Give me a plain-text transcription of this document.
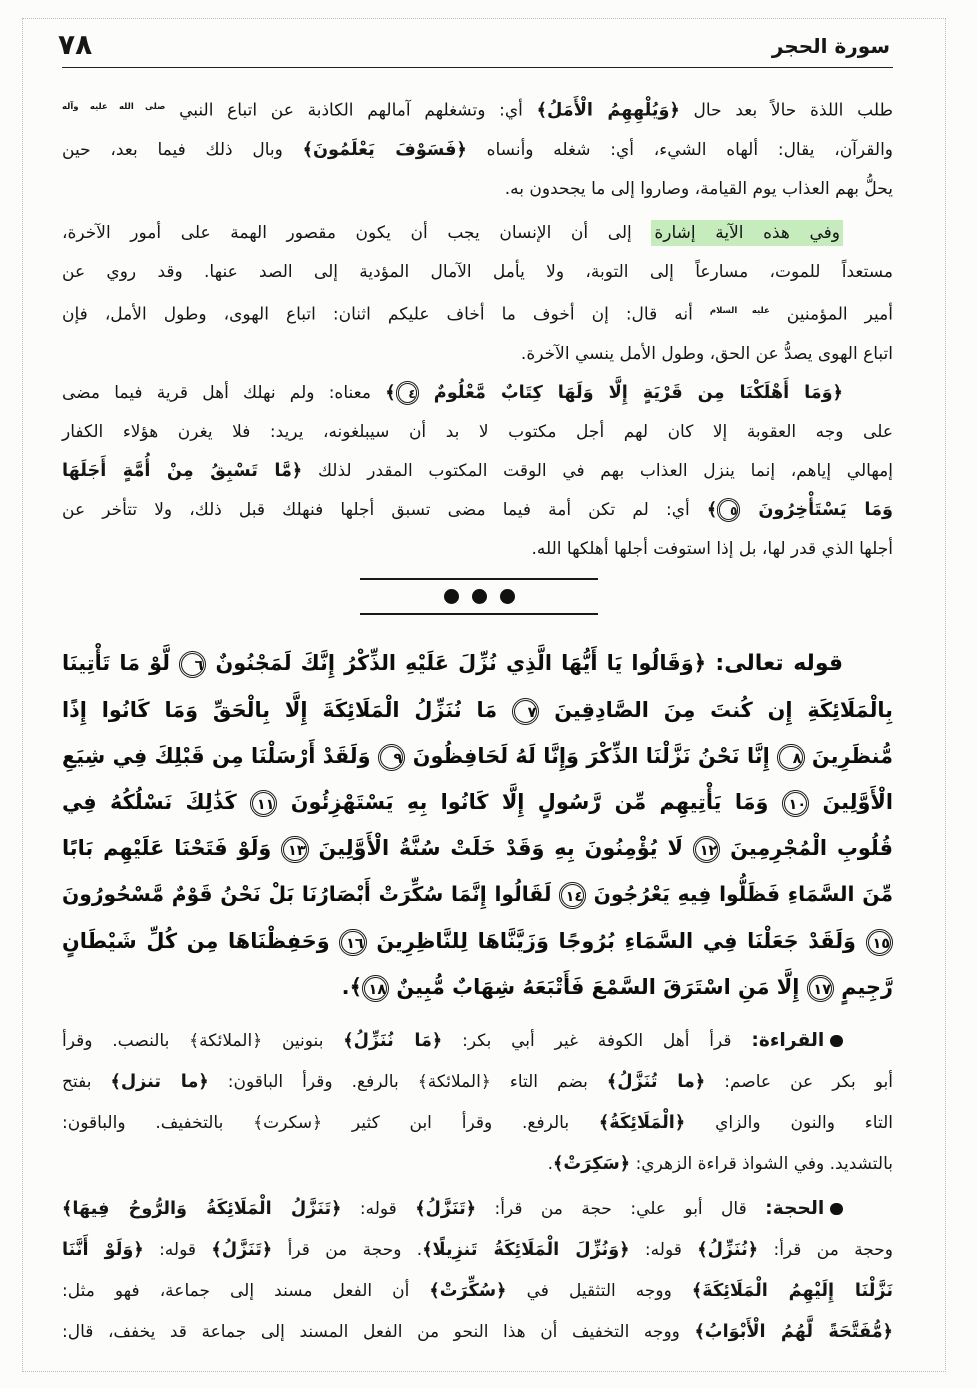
٧٨	سورة الحجر
طلب اللذة حالاً بعد حال ﴿وَيُلْهِهِمُ الْأَمَلُ﴾ أي: وتشغلهم آمالهم الكاذبة عن اتباع النبي $^{صلى الله عليه وآله}$
والقرآن، يقال: ألهاه الشيء، أي: شغله وأنساه ﴿فَسَوْفَ يَعْلَمُونَ﴾ وبال ذلك فيما بعد، حين
يحلُّ بهم العذاب يوم القيامة، وصاروا إلى ما يجحدون به.
وفي هذه الآية إشارة إلى أن الإنسان يجب أن يكون مقصور الهمة على أمور الآخرة،
مستعداً للموت، مسارعاً إلى التوبة، ولا يأمل الآمال المؤدية إلى الصد عنها. وقد روي عن
أمير المؤمنين $^{عليه السلام}$ أنه قال: إن أخوف ما أخاف عليكم اثنان: اتباع الهوى، وطول الأمل، فإن
اتباع الهوى يصدُّ عن الحق، وطول الأمل ينسي الآخرة.
﴿وَمَا أَهْلَكْنَا مِن قَرْيَةٍ إِلَّا وَلَهَا كِتَابٌ مَّعْلُومٌ ٤﴾ معناه: ولم نهلك أهل قرية فيما مضى
على وجه العقوبة إلا كان لهم أجل مكتوب لا بد أن سيبلغونه، يريد: فلا يغرن هؤلاء الكفار
إمهالي إياهم، إنما ينزل العذاب بهم في الوقت المكتوب المقدر لذلك ﴿مَّا تَسْبِقُ مِنْ أُمَّةٍ أَجَلَهَا
وَمَا يَسْتَأْخِرُونَ ٥﴾ أي: لم تكن أمة فيما مضى تسبق أجلها فنهلك قبل ذلك، ولا تتأخر عن
أجلها الذي قدر لها، بل إذا استوفت أجلها أهلكها الله.
قوله تعالى: ﴿وَقَالُوا يَا أَيُّهَا الَّذِي نُزِّلَ عَلَيْهِ الذِّكْرُ إِنَّكَ لَمَجْنُونٌ ٦ لَّوْ مَا تَأْتِينَا
بِالْمَلَائِكَةِ إِن كُنتَ مِنَ الصَّادِقِينَ ٧ مَا نُنَزِّلُ الْمَلَائِكَةَ إِلَّا بِالْحَقِّ وَمَا كَانُوا إِذًا
مُّنظَرِينَ ٨ إِنَّا نَحْنُ نَزَّلْنَا الذِّكْرَ وَإِنَّا لَهُ لَحَافِظُونَ ٩ وَلَقَدْ أَرْسَلْنَا مِن قَبْلِكَ فِي شِيَعِ
الْأَوَّلِينَ ١٠ وَمَا يَأْتِيهِم مِّن رَّسُولٍ إِلَّا كَانُوا بِهِ يَسْتَهْزِئُونَ ١١ كَذَٰلِكَ نَسْلُكُهُ فِي
قُلُوبِ الْمُجْرِمِينَ ١٢ لَا يُؤْمِنُونَ بِهِ وَقَدْ خَلَتْ سُنَّةُ الْأَوَّلِينَ ١٣ وَلَوْ فَتَحْنَا عَلَيْهِم بَابًا
مِّنَ السَّمَاءِ فَظَلُّوا فِيهِ يَعْرُجُونَ ١٤ لَقَالُوا إِنَّمَا سُكِّرَتْ أَبْصَارُنَا بَلْ نَحْنُ قَوْمٌ مَّسْحُورُونَ
١٥ وَلَقَدْ جَعَلْنَا فِي السَّمَاءِ بُرُوجًا وَزَيَّنَّاهَا لِلنَّاظِرِينَ ١٦ وَحَفِظْنَاهَا مِن كُلِّ شَيْطَانٍ
رَّجِيمٍ ١٧ إِلَّا مَنِ اسْتَرَقَ السَّمْعَ فَأَتْبَعَهُ شِهَابٌ مُّبِينٌ ١٨﴾.
القراءة: قرأ أهل الكوفة غير أبي بكر: ﴿مَا نُنَزِّلُ﴾ بنونين ﴿الملائكة﴾ بالنصب. وقرأ
أبو بكر عن عاصم: ﴿ما تُنَزَّلُ﴾ بضم التاء ﴿الملائكة﴾ بالرفع. وقرأ الباقون: ﴿ما تنزل﴾ بفتح
التاء والنون والزاي ﴿الْمَلَائِكَةُ﴾ بالرفع. وقرأ ابن كثير ﴿سكرت﴾ بالتخفيف. والباقون:
بالتشديد. وفي الشواذ قراءة الزهري: ﴿سَكِرَتْ﴾.
الحجة: قال أبو علي: حجة من قرأ: ﴿تَنَزَّلُ﴾ قوله: ﴿تَنَزَّلُ الْمَلَائِكَةُ وَالرُّوحُ فِيهَا﴾
وحجة من قرأ: ﴿نُنَزِّلُ﴾ قوله: ﴿وَنُزِّلَ الْمَلَائِكَةُ تَنزِيلًا﴾. وحجة من قرأ ﴿تَنَزَّلُ﴾ قوله: ﴿وَلَوْ أَنَّنَا
نَزَّلْنَا إِلَيْهِمُ الْمَلَائِكَةَ﴾ ووجه التثقيل في ﴿سُكِّرَتْ﴾ أن الفعل مسند إلى جماعة، فهو مثل:
﴿مُّفَتَّحَةً لَّهُمُ الْأَبْوَابُ﴾ ووجه التخفيف أن هذا النحو من الفعل المسند إلى جماعة قد يخفف، قال:
